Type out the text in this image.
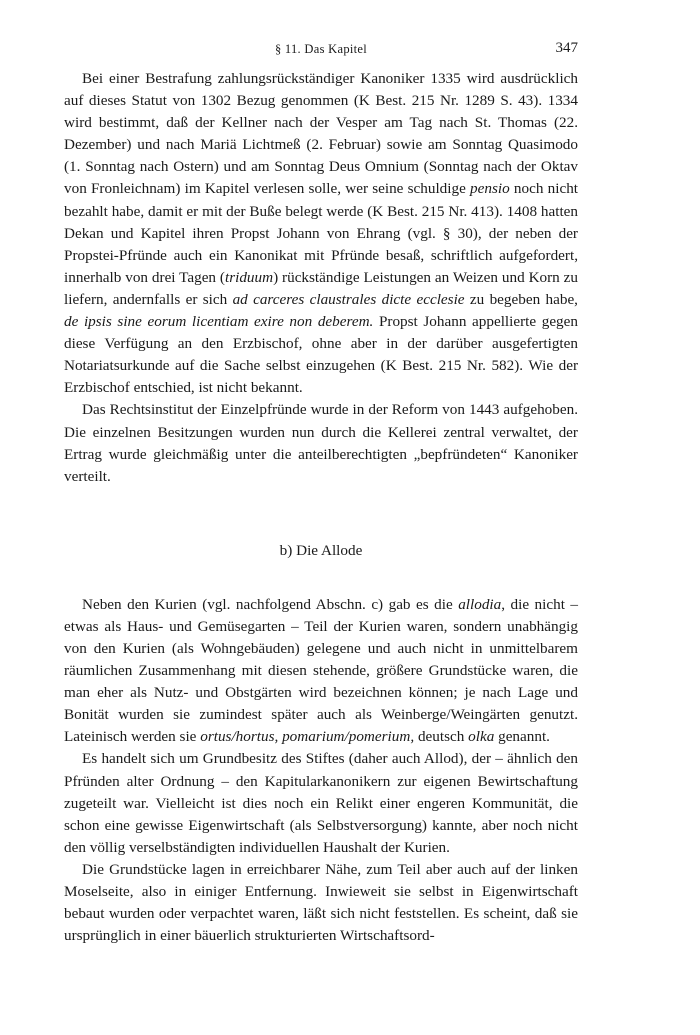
§ 11. Das Kapitel	347

Bei einer Bestrafung zahlungsrückständiger Kanoniker 1335 wird ausdrücklich auf dieses Statut von 1302 Bezug genommen (K Best. 215 Nr. 1289 S. 43). 1334 wird bestimmt, daß der Kellner nach der Vesper am Tag nach St. Thomas (22. Dezember) und nach Mariä Lichtmeß (2. Februar) sowie am Sonntag Quasimodo (1. Sonntag nach Ostern) und am Sonntag Deus Omnium (Sonntag nach der Oktav von Fronleichnam) im Kapitel verlesen solle, wer seine schuldige pensio noch nicht bezahlt habe, damit er mit der Buße belegt werde (K Best. 215 Nr. 413). 1408 hatten Dekan und Kapitel ihren Propst Johann von Ehrang (vgl. § 30), der neben der Propstei-Pfründe auch ein Kanonikat mit Pfründe besaß, schriftlich aufgefordert, innerhalb von drei Tagen (triduum) rückständige Leistungen an Weizen und Korn zu liefern, andernfalls er sich ad carceres claustrales dicte ecclesie zu begeben habe, de ipsis sine eorum licentiam exire non deberem. Propst Johann appellierte gegen diese Verfügung an den Erzbischof, ohne aber in der darüber ausgefertigten Notariatsurkunde auf die Sache selbst einzugehen (K Best. 215 Nr. 582). Wie der Erzbischof entschied, ist nicht bekannt.

Das Rechtsinstitut der Einzelpfründe wurde in der Reform von 1443 aufgehoben. Die einzelnen Besitzungen wurden nun durch die Kellerei zentral verwaltet, der Ertrag wurde gleichmäßig unter die anteilberechtigten „bepfründeten“ Kanoniker verteilt.

b) Die Allode

Neben den Kurien (vgl. nachfolgend Abschn. c) gab es die allodia, die nicht – etwas als Haus- und Gemüsegarten – Teil der Kurien waren, sondern unabhängig von den Kurien (als Wohngebäuden) gelegene und auch nicht in unmittelbarem räumlichen Zusammenhang mit diesen stehende, größere Grundstücke waren, die man eher als Nutz- und Obstgärten wird bezeichnen können; je nach Lage und Bonität wurden sie zumindest später auch als Weinberge/Weingärten genutzt. Lateinisch werden sie ortus/hortus, pomarium/pomerium, deutsch olka genannt.

Es handelt sich um Grundbesitz des Stiftes (daher auch Allod), der – ähnlich den Pfründen alter Ordnung – den Kapitularkanonikern zur eigenen Bewirtschaftung zugeteilt war. Vielleicht ist dies noch ein Relikt einer engeren Kommunität, die schon eine gewisse Eigenwirtschaft (als Selbstversorgung) kannte, aber noch nicht den völlig verselbständigten individuellen Haushalt der Kurien.

Die Grundstücke lagen in erreichbarer Nähe, zum Teil aber auch auf der linken Moselseite, also in einiger Entfernung. Inwieweit sie selbst in Eigenwirtschaft bebaut wurden oder verpachtet waren, läßt sich nicht feststellen. Es scheint, daß sie ursprünglich in einer bäuerlich strukturierten Wirtschaftsord-
